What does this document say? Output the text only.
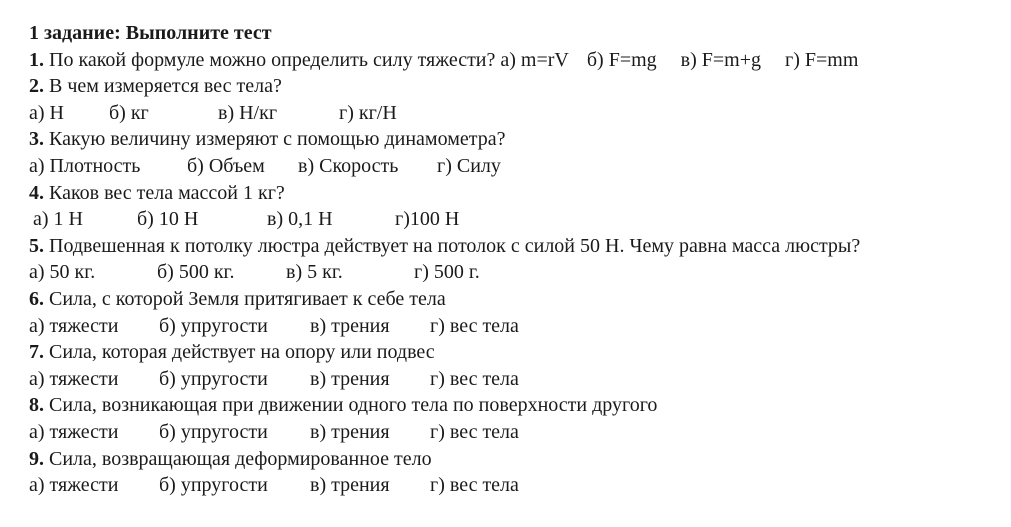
1 задание: Выполните тест
1. По какой формуле можно определить силу тяжести? а) m=rV б) F=mg в) F=m+g г) F=mm
2. В чем измеряется вес тела?
а) Н б) кг	в) Н/кг	г) кг/Н
3. Какую величину измеряют с помощью динамометра?
а) Плотность б) Объем в) Скорость г) Силу
4. Каков вес тела массой 1 кг?
а) 1 Н	б) 10 Н	в) 0,1 Н	г)100 Н
5. Подвешенная к потолку люстра действует на потолок с силой 50 Н. Чему равна масса люстры?
а) 50 кг.	б) 500 кг.	в) 5 кг.	г) 500 г.
6. Сила, с которой Земля притягивает к себе тела
а) тяжести б) упругости в) трения г) вес тела
7. Сила, которая действует на опору или подвес
а) тяжести б) упругости в) трения г) вес тела
8. Сила, возникающая при движении одного тела по поверхности другого
а) тяжести б) упругости в) трения г) вес тела
9. Сила, возвращающая деформированное тело
а) тяжести б) упругости в) трения г) вес тела
